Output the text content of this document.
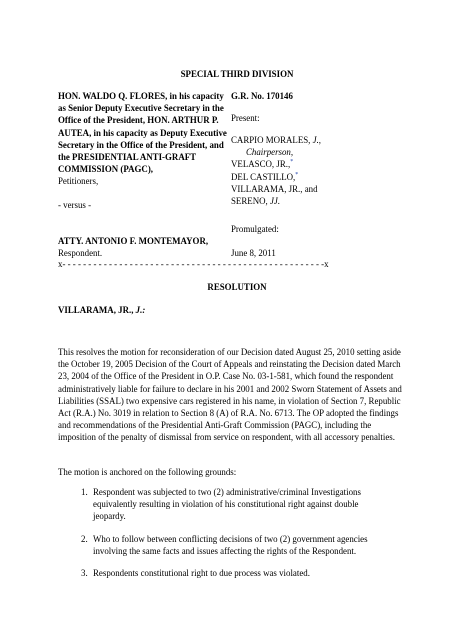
SPECIAL THIRD DIVISION
HON. WALDO Q. FLORES, in his capacity
as Senior Deputy Executive Secretary in the
Office of the President, HON. ARTHUR P.
AUTEA, in his capacity as Deputy Executive
Secretary in the Office of the President, and
the PRESIDENTIAL ANTI-GRAFT
COMMISSION (PAGC),
Petitioners,
- versus -
ATTY. ANTONIO F. MONTEMAYOR,
Respondent.
G.R. No. 170146
Present:
CARPIO MORALES, J.,
Chairperson,
VELASCO, JR.,*
DEL CASTILLO,*
VILLARAMA, JR., and
SERENO, JJ.
Promulgated:
June 8, 2011
x- - - - - - - - - - - - - - - - - - - - - - - - - - - - - - - - - - - - - - - - - - - - - - - - - - -x
RESOLUTION
VILLARAMA, JR., J.:
This resolves the motion for reconsideration of our Decision dated August 25, 2010 setting aside
the October 19, 2005 Decision of the Court of Appeals and reinstating the Decision dated March
23, 2004 of the Office of the President in O.P. Case No. 03-1-581, which found the respondent
administratively liable for failure to declare in his 2001 and 2002 Sworn Statement of Assets and
Liabilities (SSAL) two expensive cars registered in his name, in violation of Section 7, Republic
Act (R.A.) No. 3019 in relation to Section 8 (A) of R.A. No. 6713. The OP adopted the findings
and recommendations of the Presidential Anti-Graft Commission (PAGC), including the
imposition of the penalty of dismissal from service on respondent, with all accessory penalties.
The motion is anchored on the following grounds:
1. Respondent was subjected to two (2) administrative/criminal Investigations
equivalently resulting in violation of his constitutional right against double
jeopardy.
2. Who to follow between conflicting decisions of two (2) government agencies
involving the same facts and issues affecting the rights of the Respondent.
3. Respondents constitutional right to due process was violated.
